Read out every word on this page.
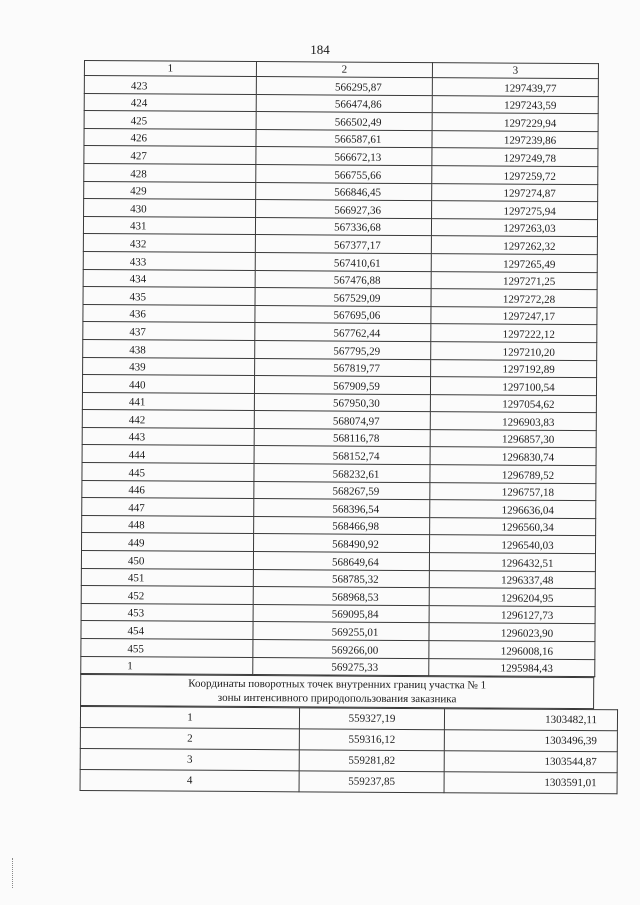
184
1	2	3
423	566295,87	1297439,77
424	566474,86	1297243,59
425	566502,49	1297229,94
426	566587,61	1297239,86
427	566672,13	1297249,78
428	566755,66	1297259,72
429	566846,45	1297274,87
430	566927,36	1297275,94
431	567336,68	1297263,03
432	567377,17	1297262,32
433	567410,61	1297265,49
434	567476,88	1297271,25
435	567529,09	1297272,28
436	567695,06	1297247,17
437	567762,44	1297222,12
438	567795,29	1297210,20
439	567819,77	1297192,89
440	567909,59	1297100,54
441	567950,30	1297054,62
442	568074,97	1296903,83
443	568116,78	1296857,30
444	568152,74	1296830,74
445	568232,61	1296789,52
446	568267,59	1296757,18
447	568396,54	1296636,04
448	568466,98	1296560,34
449	568490,92	1296540,03
450	568649,64	1296432,51
451	568785,32	1296337,48
452	568968,53	1296204,95
453	569095,84	1296127,73
454	569255,01	1296023,90
455	569266,00	1296008,16
1	569275,33	1295984,43
Координаты поворотных точек внутренних границ участка № 1
зоны интенсивного природопользования заказника
1	559327,19	1303482,11
2	559316,12	1303496,39
3	559281,82	1303544,87
4	559237,85	1303591,01
